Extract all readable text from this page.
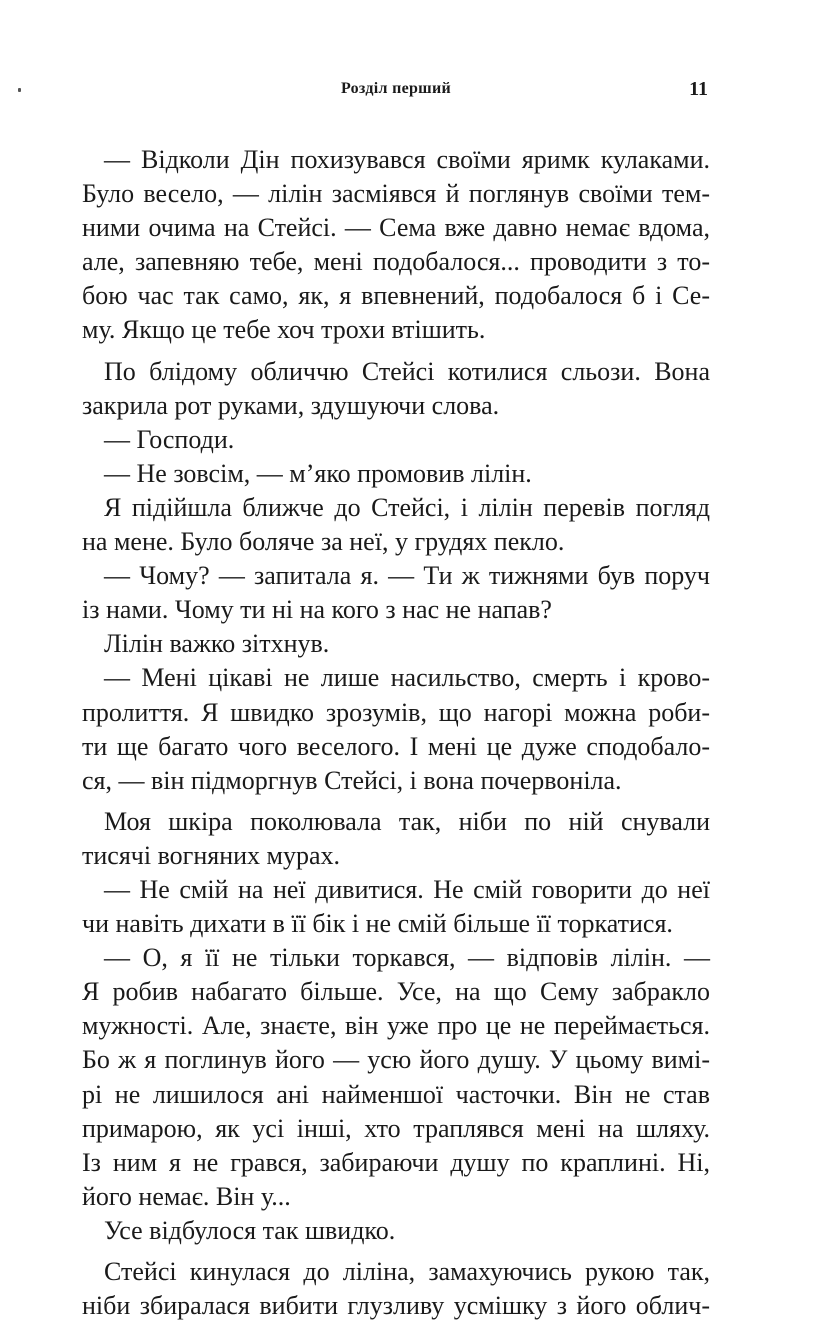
Розділ перший	11
— Відколи Дін похизувався своїми яримк кулаками.
Було весело, — лілін засміявся й поглянув своїми тем-
ними очима на Стейсі. — Сема вже давно немає вдома,
але, запевняю тебе, мені подобалося... проводити з то-
бою час так само, як, я впевнений, подобалося б і Се-
му. Якщо це тебе хоч трохи втішить.
По блідому обличчю Стейсі котилися сльози. Вона
закрила рот руками, здушуючи слова.
— Господи.
— Не зовсім, — м’яко промовив лілін.
Я підійшла ближче до Стейсі, і лілін перевів погляд
на мене. Було боляче за неї, у грудях пекло.
— Чому? — запитала я. — Ти ж тижнями був поруч
із нами. Чому ти ні на кого з нас не напав?
Лілін важко зітхнув.
— Мені цікаві не лише насильство, смерть і крово-
пролиття. Я швидко зрозумів, що нагорі можна роби-
ти ще багато чого веселого. І мені це дуже сподобало-
ся, — він підморгнув Стейсі, і вона почервоніла.
Моя шкіра поколювала так, ніби по ній снували
тисячі вогняних мурах.
— Не смій на неї дивитися. Не смій говорити до неї
чи навіть дихати в її бік і не смій більше її торкатися.
— О, я її не тільки торкався, — відповів лілін. —
Я робив набагато більше. Усе, на що Сему забракло
мужності. Але, знаєте, він уже про це не переймається.
Бо ж я поглинув його — усю його душу. У цьому вимі-
рі не лишилося ані найменшої часточки. Він не став
примарою, як усі інші, хто траплявся мені на шляху.
Із ним я не грався, забираючи душу по краплині. Ні,
його немає. Він у...
Усе відбулося так швидко.
Стейсі кинулася до ліліна, замахуючись рукою так,
ніби збиралася вибити глузливу усмішку з його облич-
